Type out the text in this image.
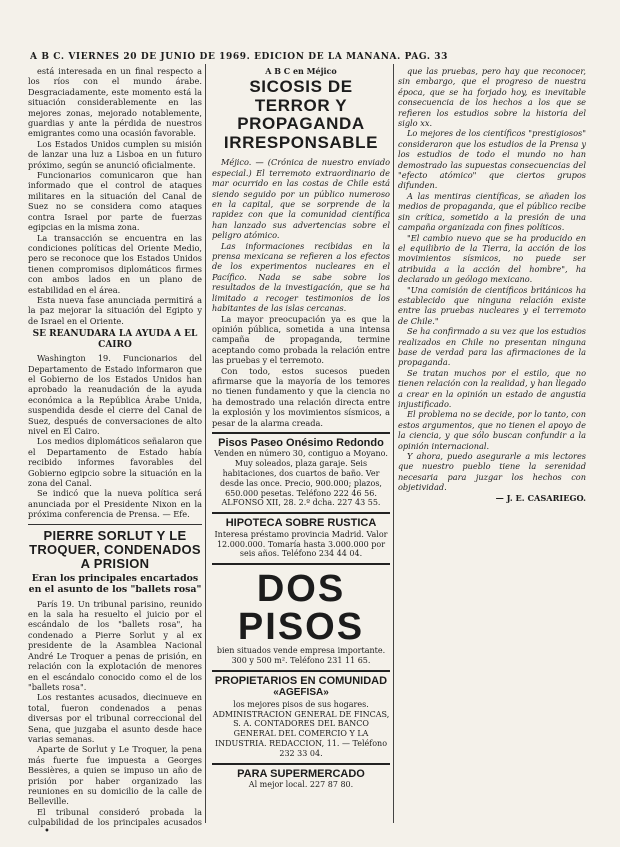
A B C. VIERNES 20 DE JUNIO DE 1969. EDICION DE LA MAÑANA. PAG. 33

está interesada en un final respecto a los ríos con el mundo árabe. Desgraciadamente, este momento está la situación considerablemente en las mejores zonas, mejorado notablemente, guardias y ante la pérdida de nuestros emigrantes como una ocasión favorable.

Los Estados Unidos cumplen su misión de lanzar una luz a Lisboa en un futuro próximo, según se anunció oficialmente.

Funcionarios comunicaron que han informado que el control de ataques militares en la situación del Canal de Suez no se considera como ataques contra Israel por parte de fuerzas egipcias en la misma zona.

La transacción se encuentra en las condiciones políticas del Oriente Medio, pero se reconoce que los Estados Unidos tienen compromisos diplomáticos firmes con ambos lados en un plano de estabilidad en el área.

Esta nueva fase anunciada permitirá a la paz mejorar la situación del Egipto y de Israel en el Oriente.

SE REANUDARA LA AYUDA A EL CAIRO

Washington 19. Funcionarios del Departamento de Estado informaron que el Gobierno de los Estados Unidos han aprobado la reanudación de la ayuda económica a la República Árabe Unida, suspendida desde el cierre del Canal de Suez, después de conversaciones de alto nivel en El Cairo.

Los medios diplomáticos señalaron que el Departamento de Estado había recibido informes favorables del Gobierno egipcio sobre la situación en la zona del Canal.

Se indicó que la nueva política será anunciada por el Presidente Nixon en la próxima conferencia de Prensa. — Efe.

PIERRE SORLUT Y LE TROQUER, CONDENADOS A PRISION
Eran los principales encartados en el asunto de los "ballets rosa"

París 19. Un tribunal parisino, reunido en la sala ha resuelto el juicio por el escándalo de los "ballets rosa", ha condenado a Pierre Sorlut y al ex presidente de la Asamblea Nacional André Le Troquer a penas de prisión, en relación con la explotación de menores en el escándalo conocido como el de los "ballets rosa".

Los restantes acusados, diecinueve en total, fueron condenados a penas diversas por el tribunal correccional del Sena, que juzgaba el asunto desde hace varias semanas.

Aparte de Sorlut y Le Troquer, la pena más fuerte fue impuesta a Georges Bessières, a quien se impuso un año de prisión por haber organizado las reuniones en su domicilio de la calle de Belleville.

El tribunal consideró probada la culpabilidad de los principales acusados

A B C en Méjico
SICOSIS DE TERROR Y PROPAGANDA IRRESPONSABLE

Méjico. — (Crónica de nuestro enviado especial.) El terremoto extraordinario de mar ocurrido en las costas de Chile está siendo seguido por un público numeroso en la capital, que se sorprende de la rapidez con que la comunidad científica han lanzado sus advertencias sobre el peligro atómico.

Las informaciones recibidas en la prensa mexicana se refieren a los efectos de los experimentos nucleares en el Pacífico. Nada se sabe sobre los resultados de la investigación, que se ha limitado a recoger testimonios de los habitantes de las islas cercanas.

La mayor preocupación ya es que la opinión pública, sometida a una intensa campaña de propaganda, termine aceptando como probada la relación entre las pruebas y el terremoto.

Con todo, estos sucesos pueden afirmarse que la mayoría de los temores no tienen fundamento y que la ciencia no ha demostrado una relación directa entre la explosión y los movimientos sísmicos, a pesar de la alarma creada.

Pisos Paseo Onésimo Redondo
Venden en número 30, contiguo a Moyano. Muy soleados, plaza garaje. Seis habitaciones, dos cuartos de baño. Ver desde las once. Precio, 900.000; plazos, 650.000 pesetas. Teléfono 222 46 56. ALFONSO XII, 28. 2.º dcha. 227 43 55.
HIPOTECA SOBRE RUSTICA
Interesa préstamo provincia Madrid. Valor 12.000.000. Tomaría hasta 3.000.000 por seis años. Teléfono 234 44 04.
DOS PISOS
bien situados vende empresa importante. 300 y 500 m². Teléfono 231 11 65.
PROPIETARIOS EN COMUNIDAD
«AGEFISA»
los mejores pisos de sus hogares. ADMINISTRACION GENERAL DE FINCAS, S. A. CONTADORES DEL BANCO GENERAL DEL COMERCIO Y LA INDUSTRIA. REDACCION, 11. — Teléfono 232 33 04.
PARA SUPERMERCADO
Al mejor local. 227 87 80.

que las pruebas, pero hay que reconocer, sin embargo, que el progreso de nuestra época, que se ha forjado hoy, es inevitable consecuencia de los hechos a los que se refieren los estudios sobre la historia del siglo xx.

Lo mejores de los científicos "prestigiosos" consideraron que los estudios de la Prensa y los estudios de todo el mundo no han demostrado las supuestas consecuencias del "efecto atómico" que ciertos grupos difunden.

A las mentiras científicas, se añaden los medios de propaganda, que el público recibe sin crítica, sometido a la presión de una campaña organizada con fines políticos.

"El cambio nuevo que se ha producido en el equilibrio de la Tierra, la acción de los movimientos sísmicos, no puede ser atribuida a la acción del hombre", ha declarado un geólogo mexicano.

"Una comisión de científicos británicos ha establecido que ninguna relación existe entre las pruebas nucleares y el terremoto de Chile."

Se ha confirmado a su vez que los estudios realizados en Chile no presentan ninguna base de verdad para las afirmaciones de la propaganda.

Se tratan muchos por el estilo, que no tienen relación con la realidad, y han llegado a crear en la opinión un estado de angustia injustificado.

El problema no se decide, por lo tanto, con estos argumentos, que no tienen el apoyo de la ciencia, y que sólo buscan confundir a la opinión internacional.

Y ahora, puedo asegurarle a mis lectores que nuestro pueblo tiene la serenidad necesaria para juzgar los hechos con objetividad.

— J. E. CASARIEGO.
•
